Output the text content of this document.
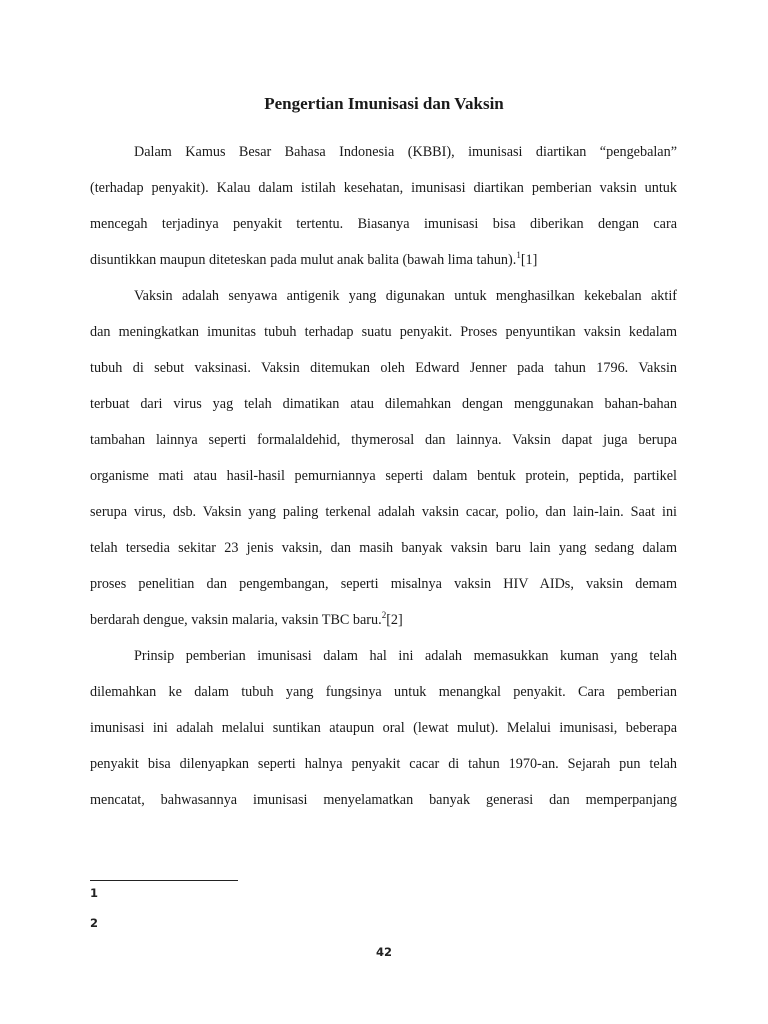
Pengertian Imunisasi dan Vaksin

Dalam Kamus Besar Bahasa Indonesia (KBBI), imunisasi diartikan “pengebalan”

(terhadap penyakit). Kalau dalam istilah kesehatan, imunisasi diartikan pemberian vaksin untuk

mencegah terjadinya penyakit tertentu. Biasanya imunisasi bisa diberikan dengan cara

disuntikkan maupun diteteskan pada mulut anak balita (bawah lima tahun).$^1$[1]

Vaksin adalah senyawa antigenik yang digunakan untuk menghasilkan kekebalan aktif

dan meningkatkan imunitas tubuh terhadap suatu penyakit. Proses penyuntikan vaksin kedalam

tubuh di sebut vaksinasi. Vaksin ditemukan oleh Edward Jenner pada tahun 1796. Vaksin

terbuat dari virus yag telah dimatikan atau dilemahkan dengan menggunakan bahan-bahan

tambahan lainnya seperti formalaldehid, thymerosal dan lainnya. Vaksin dapat juga berupa

organisme mati atau hasil-hasil pemurniannya seperti dalam bentuk protein, peptida, partikel

serupa virus, dsb. Vaksin yang paling terkenal adalah vaksin cacar, polio, dan lain-lain. Saat ini

telah tersedia sekitar 23 jenis vaksin, dan masih banyak vaksin baru lain yang sedang dalam

proses penelitian dan pengembangan, seperti misalnya vaksin HIV AIDs, vaksin demam

berdarah dengue, vaksin malaria, vaksin TBC baru.$^2$[2]

Prinsip pemberian imunisasi dalam hal ini adalah memasukkan kuman yang telah

dilemahkan ke dalam tubuh yang fungsinya untuk menangkal penyakit. Cara pemberian

imunisasi ini adalah melalui suntikan ataupun oral (lewat mulut). Melalui imunisasi, beberapa

penyakit bisa dilenyapkan seperti halnya penyakit cacar di tahun 1970-an. Sejarah pun telah

mencatat, bahwasannya imunisasi menyelamatkan banyak generasi dan memperpanjang

1
2
42
